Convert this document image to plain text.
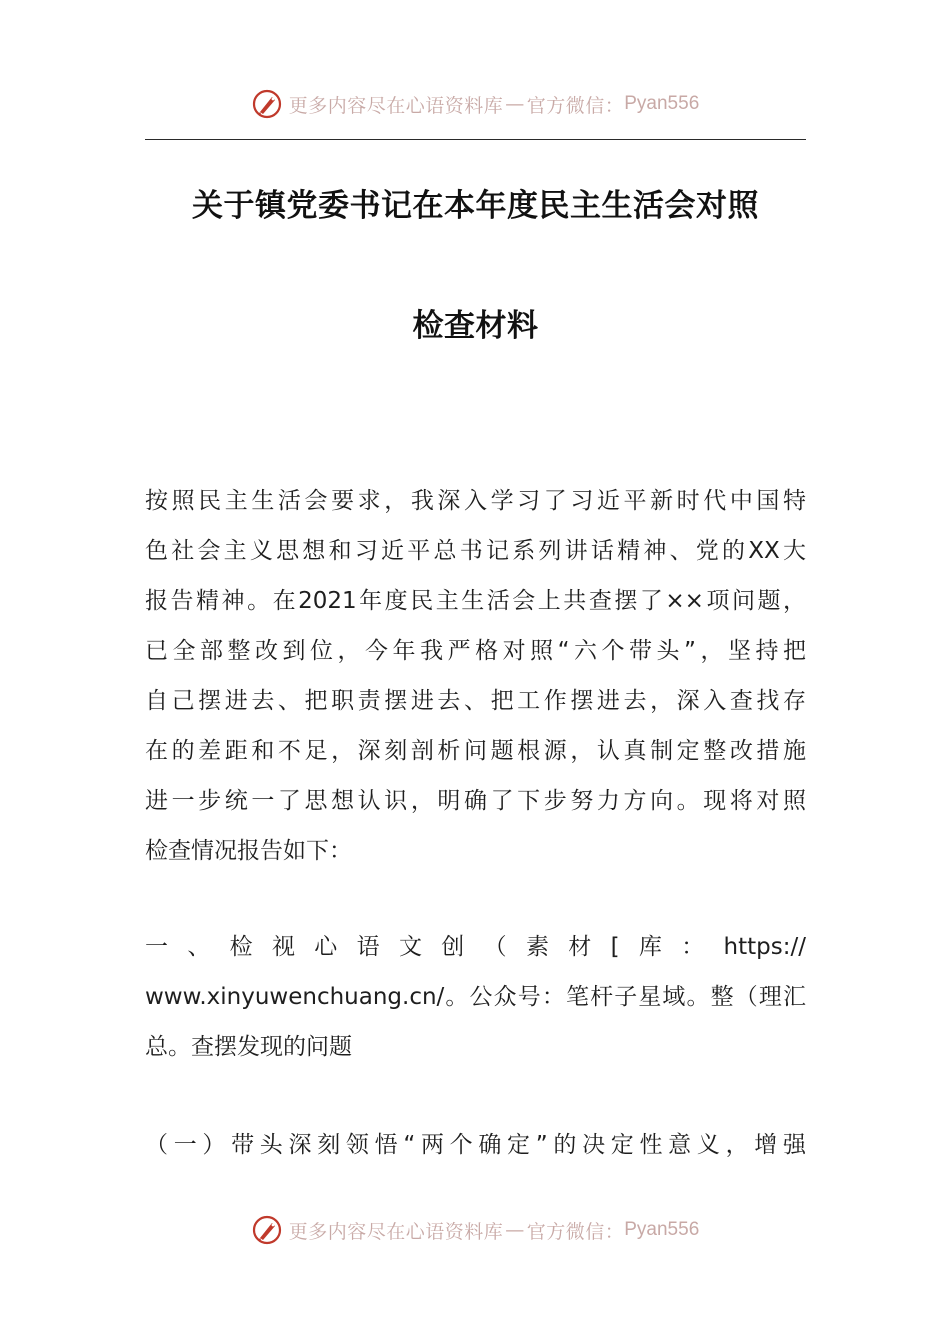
更多内容尽在心语资料库 — 官方微信： Pyan556
关于镇党委书记在本年度民主生活会对照
检查材料
按照民主生活会要求，我深入学习了习近平新时代中国特
色社会主义思想和习近平总书记系列讲话精神、党的XX大
报告精神。在2021年度民主生活会上共查摆了××项问题，
已全部整改到位，今年我严格对照“六个带头”，坚持把
自己摆进去、把职责摆进去、把工作摆进去，深入查找存
在的差距和不足，深刻剖析问题根源，认真制定整改措施
进一步统一了思想认识，明确了下步努力方向。现将对照
检查情况报告如下：
一、检视心语文创（素材[库：https://
www.xinyuwenchuang.cn/。公众号：笔杆子星域。整（理汇
总。查摆发现的问题
（一）带头深刻领悟“两个确定”的决定性意义，增强
更多内容尽在心语资料库 — 官方微信： Pyan556
